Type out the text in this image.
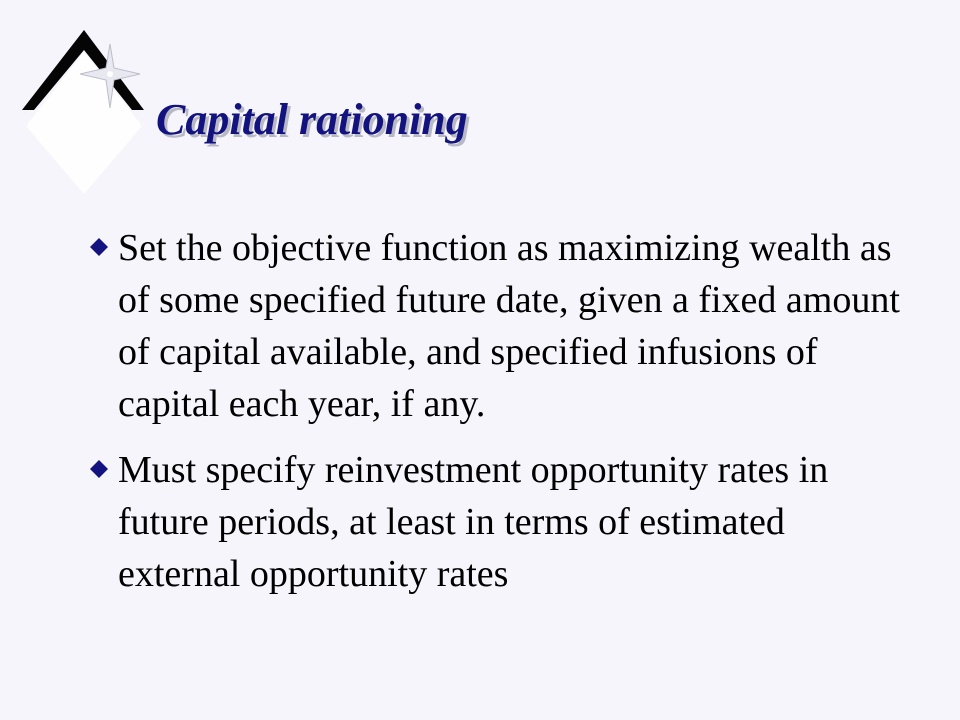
Capital rationing
Set the objective function as maximizing wealth as of some specified future date, given a fixed amount of capital available, and specified infusions of capital each year, if any.
Must specify reinvestment opportunity rates in future periods, at least in terms of estimated external opportunity rates
